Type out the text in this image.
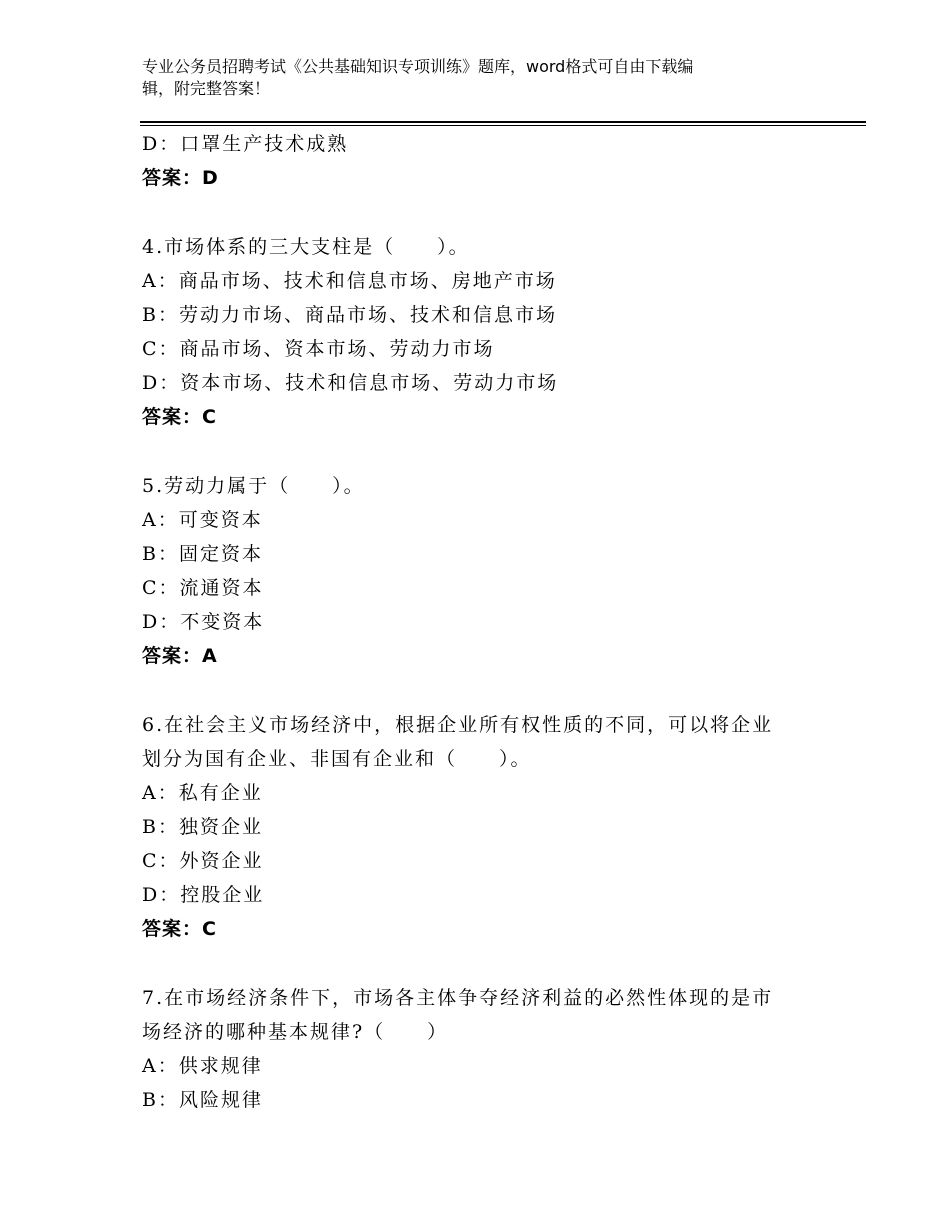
专业公务员招聘考试《公共基础知识专项训练》题库，word格式可自由下载编
辑，附完整答案！
D：口罩生产技术成熟
答案：D
4.市场体系的三大支柱是（　　）。
A：商品市场、技术和信息市场、房地产市场
B：劳动力市场、商品市场、技术和信息市场
C：商品市场、资本市场、劳动力市场
D：资本市场、技术和信息市场、劳动力市场
答案：C
5.劳动力属于（　　）。
A：可变资本
B：固定资本
C：流通资本
D：不变资本
答案：A
6.在社会主义市场经济中，根据企业所有权性质的不同，可以将企业
划分为国有企业、非国有企业和（　　）。
A：私有企业
B：独资企业
C：外资企业
D：控股企业
答案：C
7.在市场经济条件下，市场各主体争夺经济利益的必然性体现的是市
场经济的哪种基本规律?（　　）
A：供求规律
B：风险规律
